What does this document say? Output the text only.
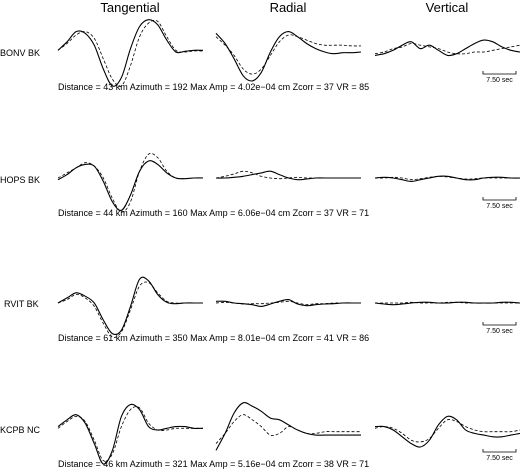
Tangential	Radial	Vertical
BONV BK
Distance = 43 km Azimuth = 192 Max Amp = 4.02e−04 cm Zcorr = 37 VR = 85
HOPS BK
Distance = 44 km Azimuth = 160 Max Amp = 6.06e−04 cm Zcorr = 37 VR = 71
RVIT BK
Distance = 61 km Azimuth = 350 Max Amp = 8.01e−04 cm Zcorr = 41 VR = 86
KCPB NC
Distance = 46 km Azimuth = 321 Max Amp = 5.16e−04 cm Zcorr = 38 VR = 71
7.50 sec
7.50 sec
7.50 sec
7.50 sec
